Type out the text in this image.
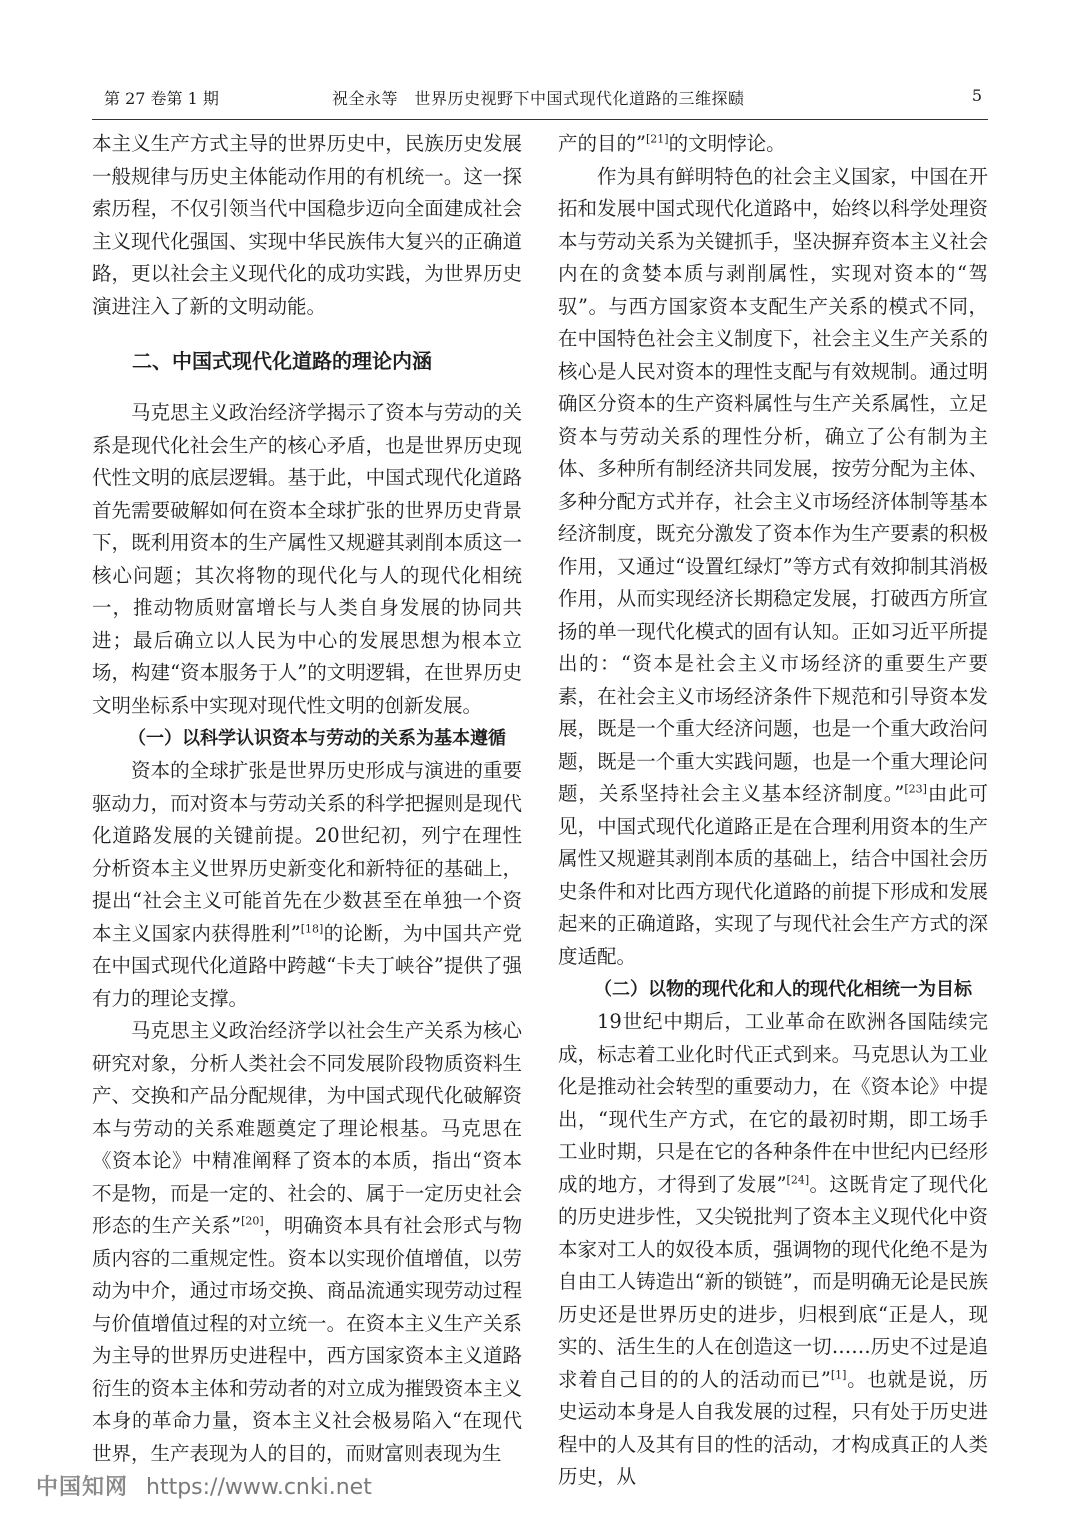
第 27 卷第 1 期	祝全永等　世界历史视野下中国式现代化道路的三维探赜	5

本主义生产方式主导的世界历史中，民族历史发展一般规律与历史主体能动作用的有机统一。这一探索历程，不仅引领当代中国稳步迈向全面建成社会主义现代化强国、实现中华民族伟大复兴的正确道路，更以社会主义现代化的成功实践，为世界历史演进注入了新的文明动能。

二、中国式现代化道路的理论内涵

马克思主义政治经济学揭示了资本与劳动的关系是现代化社会生产的核心矛盾，也是世界历史现代性文明的底层逻辑。基于此，中国式现代化道路首先需要破解如何在资本全球扩张的世界历史背景下，既利用资本的生产属性又规避其剥削本质这一核心问题；其次将物的现代化与人的现代化相统一，推动物质财富增长与人类自身发展的协同共进；最后确立以人民为中心的发展思想为根本立场，构建“资本服务于人”的文明逻辑，在世界历史文明坐标系中实现对现代性文明的创新发展。

（一）以科学认识资本与劳动的关系为基本遵循

资本的全球扩张是世界历史形成与演进的重要驱动力，而对资本与劳动关系的科学把握则是现代化道路发展的关键前提。20世纪初，列宁在理性分析资本主义世界历史新变化和新特征的基础上，提出“社会主义可能首先在少数甚至在单独一个资本主义国家内获得胜利”[18]的论断，为中国共产党在中国式现代化道路中跨越“卡夫丁峡谷”提供了强有力的理论支撑。

马克思主义政治经济学以社会生产关系为核心研究对象，分析人类社会不同发展阶段物质资料生产、交换和产品分配规律，为中国式现代化破解资本与劳动的关系难题奠定了理论根基。马克思在《资本论》中精准阐释了资本的本质，指出“资本不是物，而是一定的、社会的、属于一定历史社会形态的生产关系”[20]，明确资本具有社会形式与物质内容的二重规定性。资本以实现价值增值，以劳动为中介，通过市场交换、商品流通实现劳动过程与价值增值过程的对立统一。在资本主义生产关系为主导的世界历史进程中，西方国家资本主义道路衍生的资本主体和劳动者的对立成为摧毁资本主义本身的革命力量，资本主义社会极易陷入“在现代世界，生产表现为人的目的，而财富则表现为生

产的目的”[21]的文明悖论。

作为具有鲜明特色的社会主义国家，中国在开拓和发展中国式现代化道路中，始终以科学处理资本与劳动关系为关键抓手，坚决摒弃资本主义社会内在的贪婪本质与剥削属性，实现对资本的“驾驭”。与西方国家资本支配生产关系的模式不同，在中国特色社会主义制度下，社会主义生产关系的核心是人民对资本的理性支配与有效规制。通过明确区分资本的生产资料属性与生产关系属性，立足资本与劳动关系的理性分析，确立了公有制为主体、多种所有制经济共同发展，按劳分配为主体、多种分配方式并存，社会主义市场经济体制等基本经济制度，既充分激发了资本作为生产要素的积极作用，又通过“设置红绿灯”等方式有效抑制其消极作用，从而实现经济长期稳定发展，打破西方所宣扬的单一现代化模式的固有认知。正如习近平所提出的：“资本是社会主义市场经济的重要生产要素，在社会主义市场经济条件下规范和引导资本发展，既是一个重大经济问题，也是一个重大政治问题，既是一个重大实践问题，也是一个重大理论问题，关系坚持社会主义基本经济制度。”[23]由此可见，中国式现代化道路正是在合理利用资本的生产属性又规避其剥削本质的基础上，结合中国社会历史条件和对比西方现代化道路的前提下形成和发展起来的正确道路，实现了与现代社会生产方式的深度适配。

（二）以物的现代化和人的现代化相统一为目标

19世纪中期后，工业革命在欧洲各国陆续完成，标志着工业化时代正式到来。马克思认为工业化是推动社会转型的重要动力，在《资本论》中提出，“现代生产方式，在它的最初时期，即工场手工业时期，只是在它的各种条件在中世纪内已经形成的地方，才得到了发展”[24]。这既肯定了现代化的历史进步性，又尖锐批判了资本主义现代化中资本家对工人的奴役本质，强调物的现代化绝不是为自由工人铸造出“新的锁链”，而是明确无论是民族历史还是世界历史的进步，归根到底“正是人，现实的、活生生的人在创造这一切……历史不过是追求着自己目的的人的活动而已”[1]。也就是说，历史运动本身是人自我发展的过程，只有处于历史进程中的人及其有目的性的活动，才构成真正的人类历史，从

中国知网 https://www.cnki.net
